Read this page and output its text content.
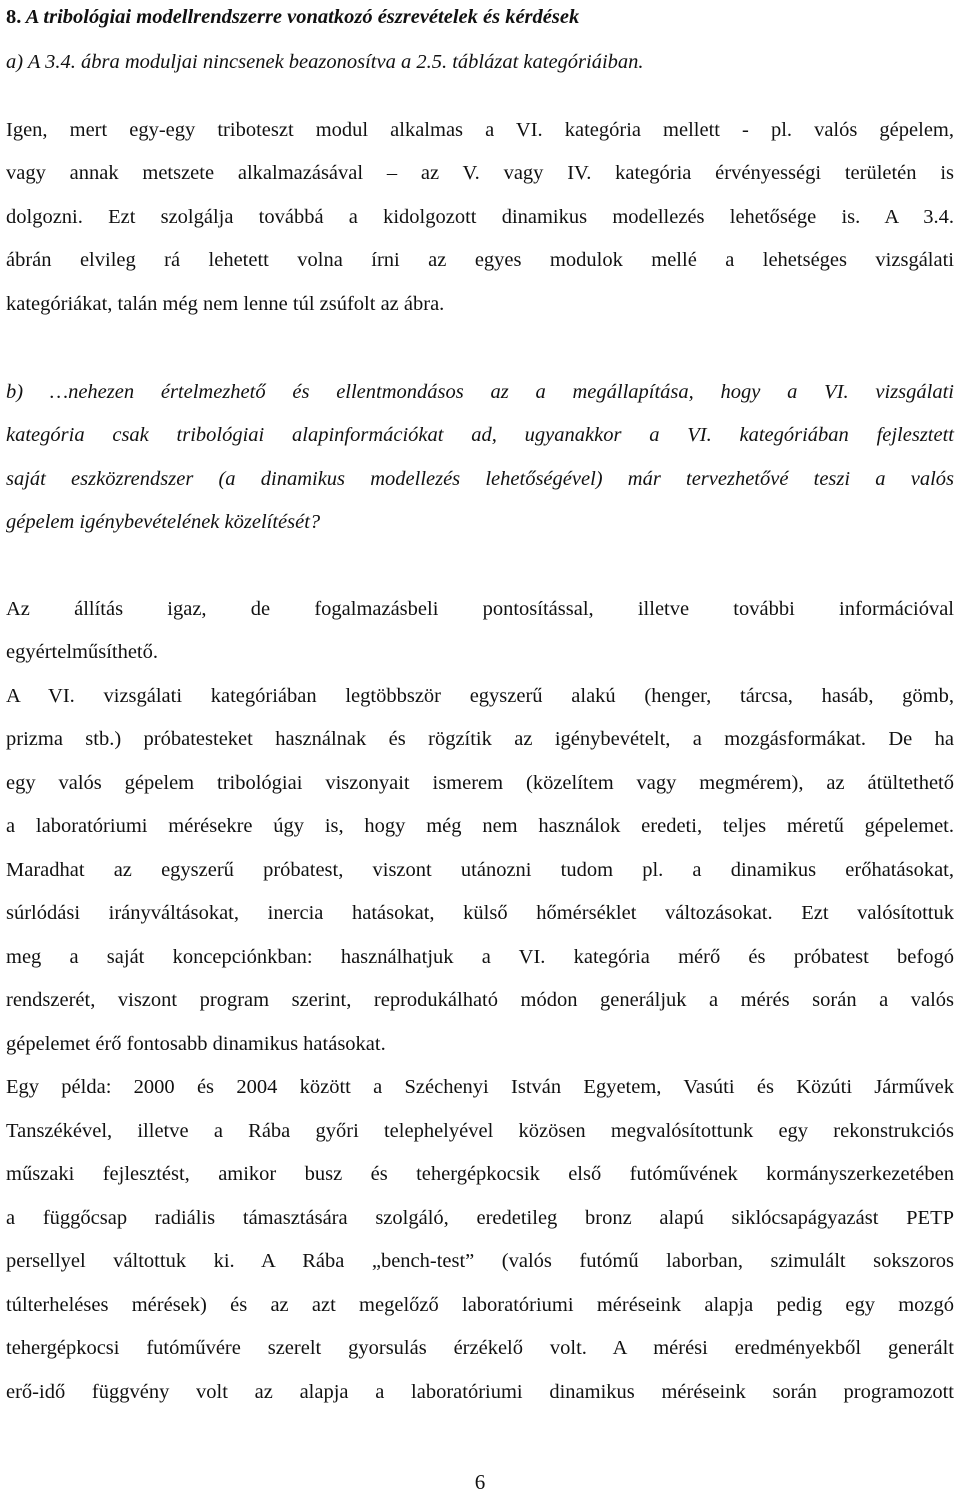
8. A tribológiai modellrendszerre vonatkozó észrevételek és kérdések
a) A 3.4. ábra moduljai nincsenek beazonosítva a 2.5. táblázat kategóriáiban.
Igen, mert egy-egy triboteszt modul alkalmas a VI. kategória mellett - pl. valós gépelem,
vagy annak metszete alkalmazásával – az V. vagy IV. kategória érvényességi területén is
dolgozni. Ezt szolgálja továbbá a kidolgozott dinamikus modellezés lehetősége is. A 3.4.
ábrán elvileg rá lehetett volna írni az egyes modulok mellé a lehetséges vizsgálati
kategóriákat, talán még nem lenne túl zsúfolt az ábra.
b) …nehezen értelmezhető és ellentmondásos az a megállapítása, hogy a VI. vizsgálati
kategória csak tribológiai alapinformációkat ad, ugyanakkor a VI. kategóriában fejlesztett
saját eszközrendszer (a dinamikus modellezés lehetőségével) már tervezhetővé teszi a valós
gépelem igénybevételének közelítését?
Az állítás igaz, de fogalmazásbeli pontosítással, illetve további információval
egyértelműsíthető.
A VI. vizsgálati kategóriában legtöbbször egyszerű alakú (henger, tárcsa, hasáb, gömb,
prizma stb.) próbatesteket használnak és rögzítik az igénybevételt, a mozgásformákat. De ha
egy valós gépelem tribológiai viszonyait ismerem (közelítem vagy megmérem), az átültethető
a laboratóriumi mérésekre úgy is, hogy még nem használok eredeti, teljes méretű gépelemet.
Maradhat az egyszerű próbatest, viszont utánozni tudom pl. a dinamikus erőhatásokat,
súrlódási irányváltásokat, inercia hatásokat, külső hőmérséklet változásokat. Ezt valósítottuk
meg a saját koncepciónkban: használhatjuk a VI. kategória mérő és próbatest befogó
rendszerét, viszont program szerint, reprodukálható módon generáljuk a mérés során a valós
gépelemet érő fontosabb dinamikus hatásokat.
Egy példa: 2000 és 2004 között a Széchenyi István Egyetem, Vasúti és Közúti Járművek
Tanszékével, illetve a Rába győri telephelyével közösen megvalósítottunk egy rekonstrukciós
műszaki fejlesztést, amikor busz és tehergépkocsik első futóművének kormányszerkezetében
a függőcsap radiális támasztására szolgáló, eredetileg bronz alapú siklócsapágyazást PETP
persellyel váltottuk ki. A Rába „bench-test” (valós futómű laborban, szimulált sokszoros
túlterheléses mérések) és az azt megelőző laboratóriumi méréseink alapja pedig egy mozgó
tehergépkocsi futóművére szerelt gyorsulás érzékelő volt. A mérési eredményekből generált
erő-idő függvény volt az alapja a laboratóriumi dinamikus méréseink során programozott
6
